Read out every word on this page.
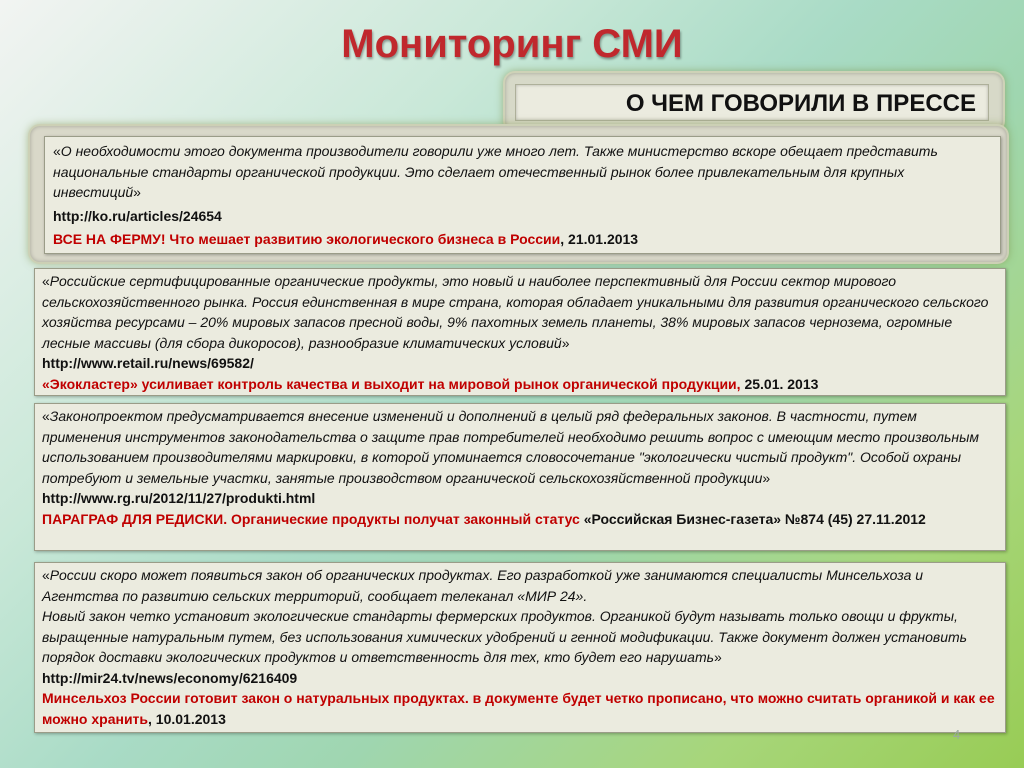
Мониторинг СМИ
О ЧЕМ ГОВОРИЛИ В ПРЕССЕ

«О необходимости этого документа производители говорили уже много лет. Также министерство вскоре обещает представить национальные стандарты органической продукции. Это сделает отечественный рынок более привлекательным для крупных инвестиций»

http://ko.ru/articles/24654

ВСЕ НА ФЕРМУ! Что мешает развитию экологического бизнеса в России, 21.01.2013

«Российские сертифицированные органические продукты, это новый и наиболее перспективный для России сектор мирового сельскохозяйственного рынка. Россия единственная в мире страна, которая обладает уникальными для развития органического сельского хозяйства ресурсами – 20% мировых запасов пресной воды, 9% пахотных земель планеты, 38% мировых запасов чернозема, огромные лесные массивы (для сбора дикоросов), разнообразие климатических условий»

http://www.retail.ru/news/69582/

«Экокластер» усиливает контроль качества и выходит на мировой рынок органической продукции, 25.01. 2013

«Законопроектом предусматривается внесение изменений и дополнений в целый ряд федеральных законов. В частности, путем применения инструментов законодательства о защите прав потребителей необходимо решить вопрос с имеющим место произвольным использованием производителями маркировки, в которой упоминается словосочетание "экологически чистый продукт". Особой охраны потребуют и земельные участки, занятые производством органической сельскохозяйственной продукции»

http://www.rg.ru/2012/11/27/produkti.html

ПАРАГРАФ ДЛЯ РЕДИСКИ. Органические продукты получат законный статус «Российская Бизнес-газета» №874 (45) 27.11.2012

«России скоро может появиться закон об органических продуктах. Его разработкой уже занимаются специалисты Минсельхоза и Агентства по развитию сельских территорий, сообщает телеканал «МИР 24».

Новый закон четко установит экологические стандарты фермерских продуктов. Органикой будут называть только овощи и фрукты, выращенные натуральным путем, без использования химических удобрений и генной модификации. Также документ должен установить порядок доставки экологических продуктов и ответственность для тех, кто будет его нарушать»

http://mir24.tv/news/economy/6216409

Минсельхоз России готовит закон о натуральных продуктах. в документе будет четко прописано, что можно считать органикой и как ее можно хранить, 10.01.2013

4
